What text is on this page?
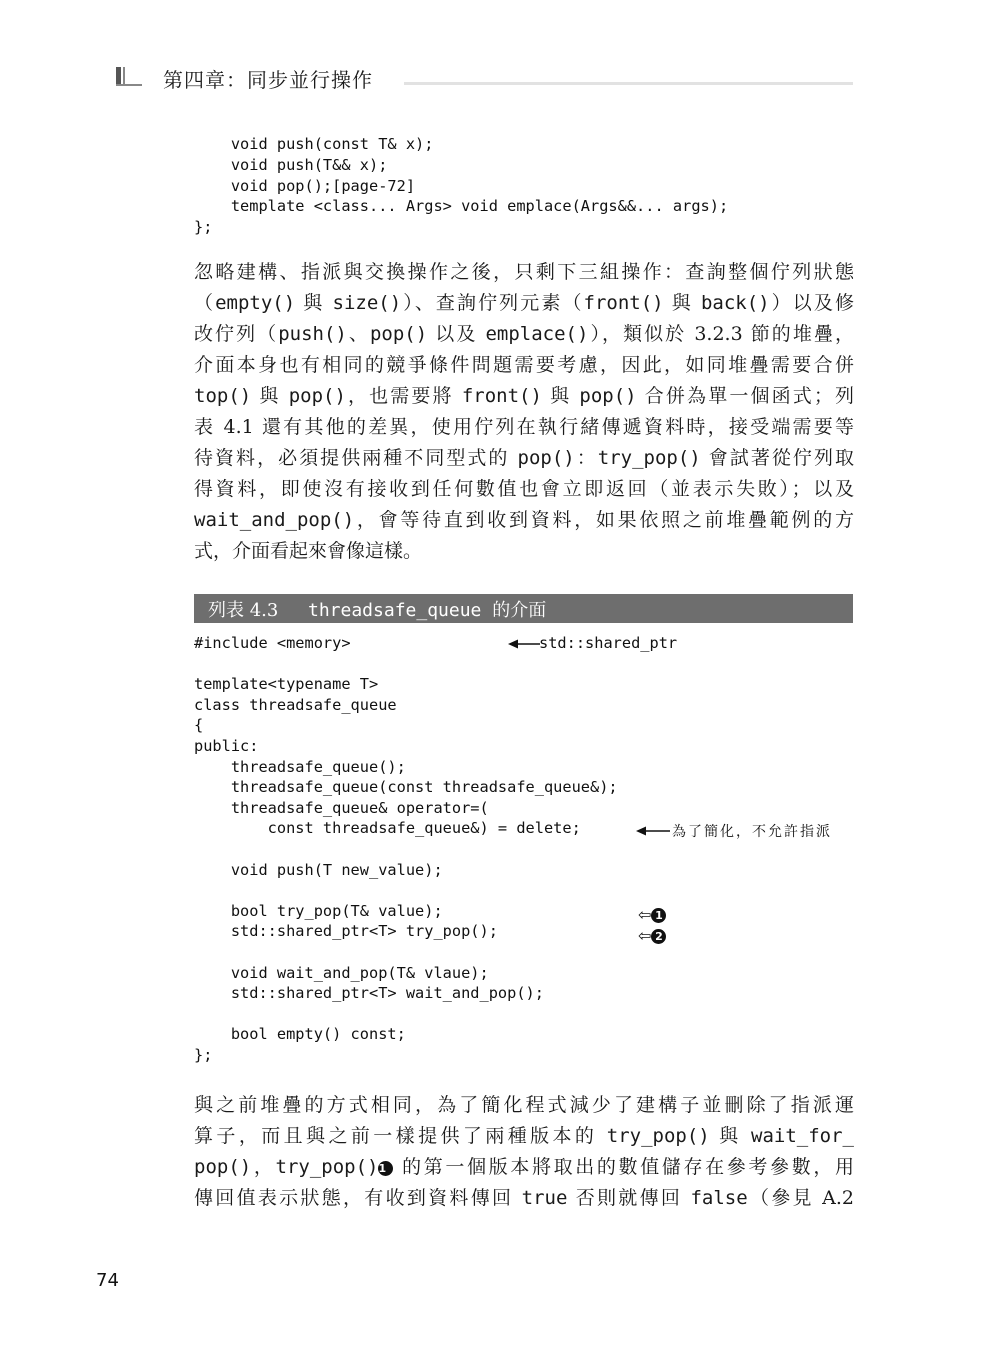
第四章：同步並行操作
void push(const T& x);
void push(T&& x);
void pop();[page-72]
template <class... Args> void emplace(Args&&... args);
};
忽略建構、指派與交換操作之後，只剩下三組操作：查詢整個佇列狀態
（empty() 與 size()）、查詢佇列元素（front() 與 back()）以及修
改佇列（push()、pop() 以及 emplace()），類似於 3.2.3 節的堆疊，
介面本身也有相同的競爭條件問題需要考慮，因此，如同堆疊需要合併
top() 與 pop()，也需要將 front() 與 pop() 合併為單一個函式；列
表 4.1 還有其他的差異，使用佇列在執行緒傳遞資料時，接受端需要等
待資料，必須提供兩種不同型式的 pop()：try_pop() 會試著從佇列取
得資料，即使沒有接收到任何數值也會立即返回（並表示失敗）；以及
wait_and_pop()，會等待直到收到資料，如果依照之前堆疊範例的方
式，介面看起來會像這樣。
列表 4.3 threadsafe_queue 的介面
#include <memory>

template<typename T>
class threadsafe_queue
{
public:
threadsafe_queue();
threadsafe_queue(const threadsafe_queue&);
threadsafe_queue& operator=(
const threadsafe_queue&) = delete;

void push(T new_value);

bool try_pop(T& value);
std::shared_ptr<T> try_pop();

void wait_and_pop(T& vlaue);
std::shared_ptr<T> wait_and_pop();

bool empty() const;
};
std::shared_ptr
為了簡化，不允許指派
⇦ 1
⇦ 2
與之前堆疊的方式相同，為了簡化程式減少了建構子並刪除了指派運
算子，而且與之前一樣提供了兩種版本的 try_pop() 與 wait_for_
pop()，try_pop()1 的第一個版本將取出的數值儲存在參考參數，用
傳回值表示狀態，有收到資料傳回 true 否則就傳回 false（參見 A.2
74
